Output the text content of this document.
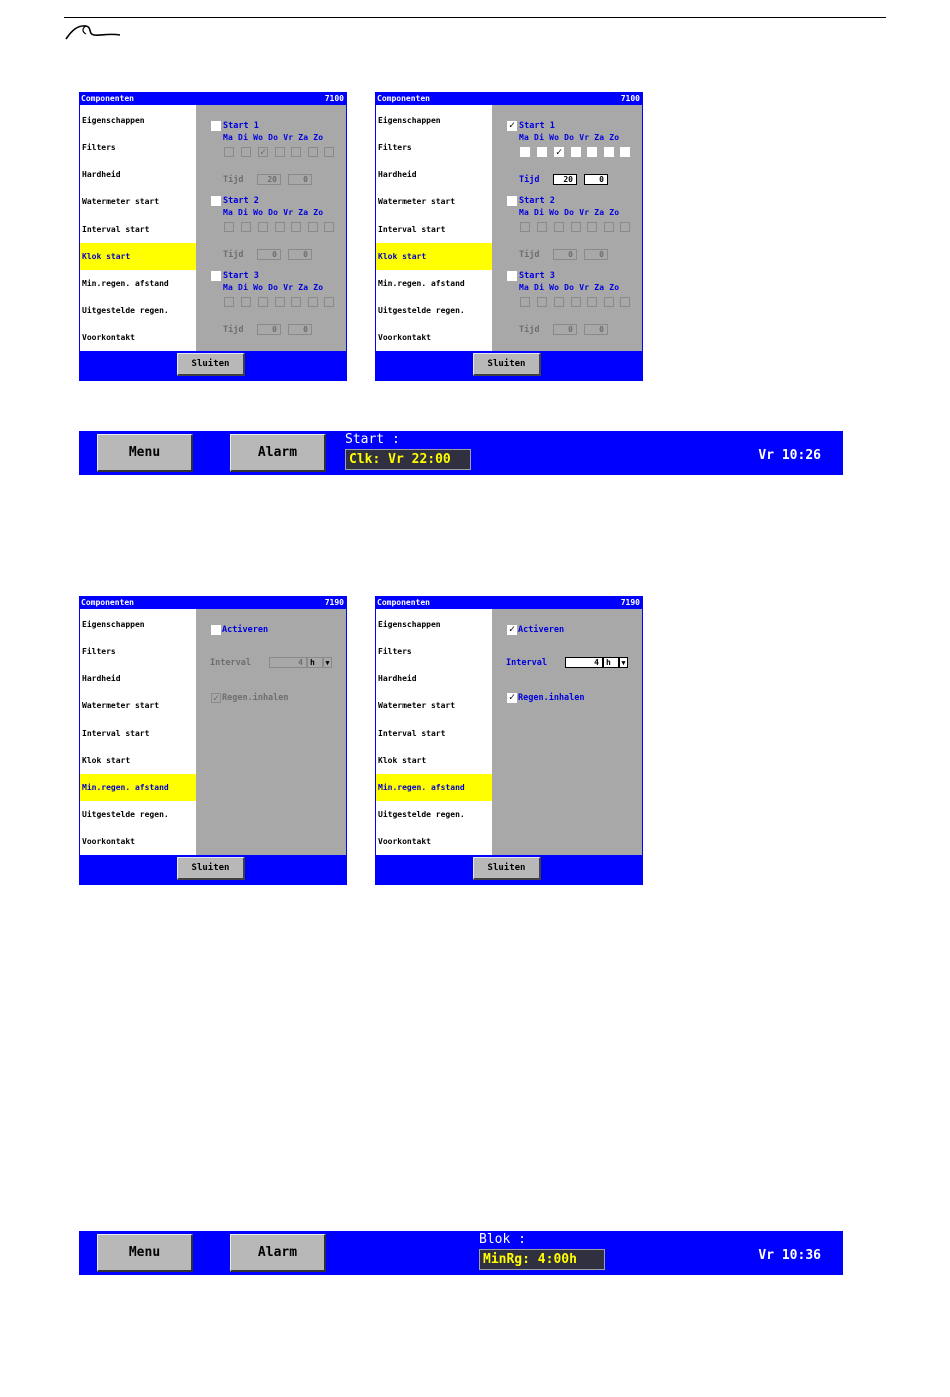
Componenten	7100
Eigenschappen
Filters
Hardheid
Watermeter start
Interval start
Klok start
Min.regen. afstand
Uitgestelde regen.
Voorkontakt
Start 1
Ma Di Wo Do Vr Za Zo
✓
Tijd	20	0
Start 2
Ma Di Wo Do Vr Za Zo
Tijd	0	0
Start 3
Ma Di Wo Do Vr Za Zo
Tijd	0	0
Sluiten
Componenten	7100
Eigenschappen
Filters
Hardheid
Watermeter start
Interval start
Klok start
Min.regen. afstand
Uitgestelde regen.
Voorkontakt
✓ Start 1
Ma Di Wo Do Vr Za Zo
✓
Tijd	20	0
Start 2
Ma Di Wo Do Vr Za Zo
Tijd	0	0
Start 3
Ma Di Wo Do Vr Za Zo
Tijd	0	0
Sluiten
Menu	Alarm
Start :
Clk: Vr 22:00	Vr 10:26
Componenten	7190
Eigenschappen
Filters
Hardheid
Watermeter start
Interval start
Klok start
Min.regen. afstand
Uitgestelde regen.
Voorkontakt
Activeren
Interval	4 h	▼
✓ Regen.inhalen
Sluiten
Componenten	7190
Eigenschappen
Filters
Hardheid
Watermeter start
Interval start
Klok start
Min.regen. afstand
Uitgestelde regen.
Voorkontakt
✓ Activeren
Interval	4 h	▼
✓ Regen.inhalen
Sluiten
Menu	Alarm
Blok :
MinRg: 4:00h	Vr 10:36
